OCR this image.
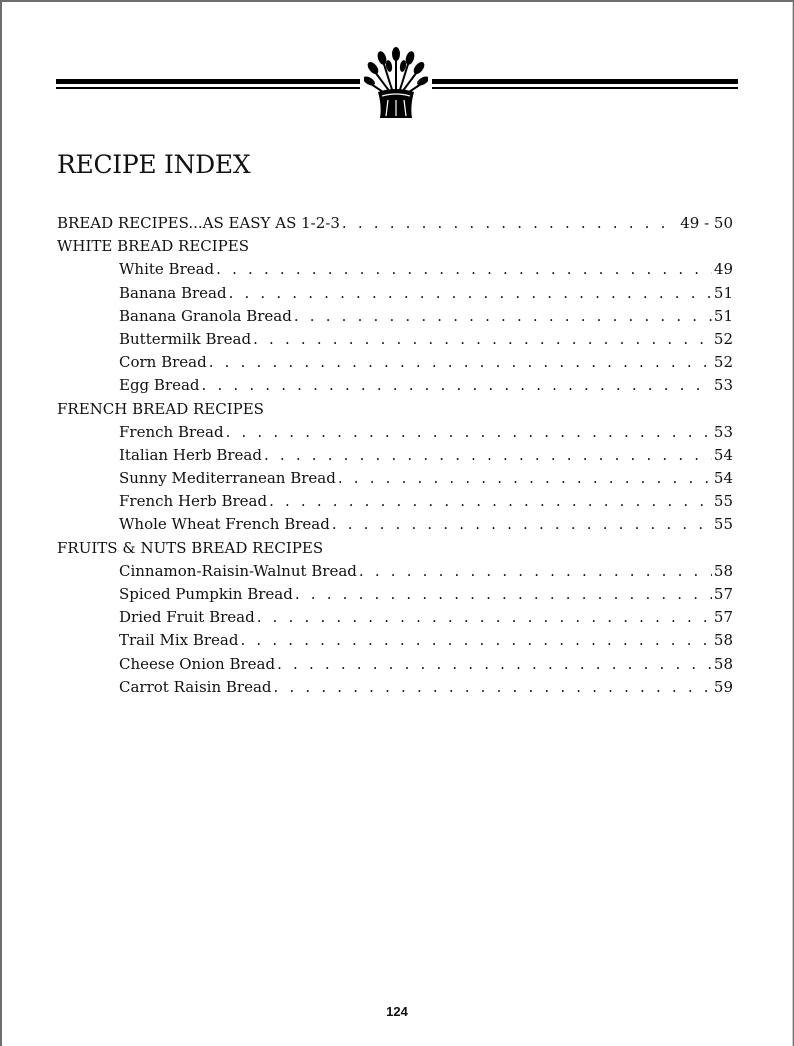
RECIPE INDEX
BREAD RECIPES...AS EASY AS 1-2-3 . . .	49 - 50
WHITE BREAD RECIPES
White Bread . . .	49
Banana Bread . . .	51
Banana Granola Bread . . .	51
Buttermilk Bread . . .	52
Corn Bread . . .	52
Egg Bread . . .	53
FRENCH BREAD RECIPES
French Bread . . .	53
Italian Herb Bread . . .	54
Sunny Mediterranean Bread . . .	54
French Herb Bread . . .	55
Whole Wheat French Bread . . .	55
FRUITS & NUTS BREAD RECIPES
Cinnamon-Raisin-Walnut Bread . . .	58
Spiced Pumpkin Bread . . .	57
Dried Fruit Bread . . .	57
Trail Mix Bread . . .	58
Cheese Onion Bread . . .	58
Carrot Raisin Bread . . .	59
124
